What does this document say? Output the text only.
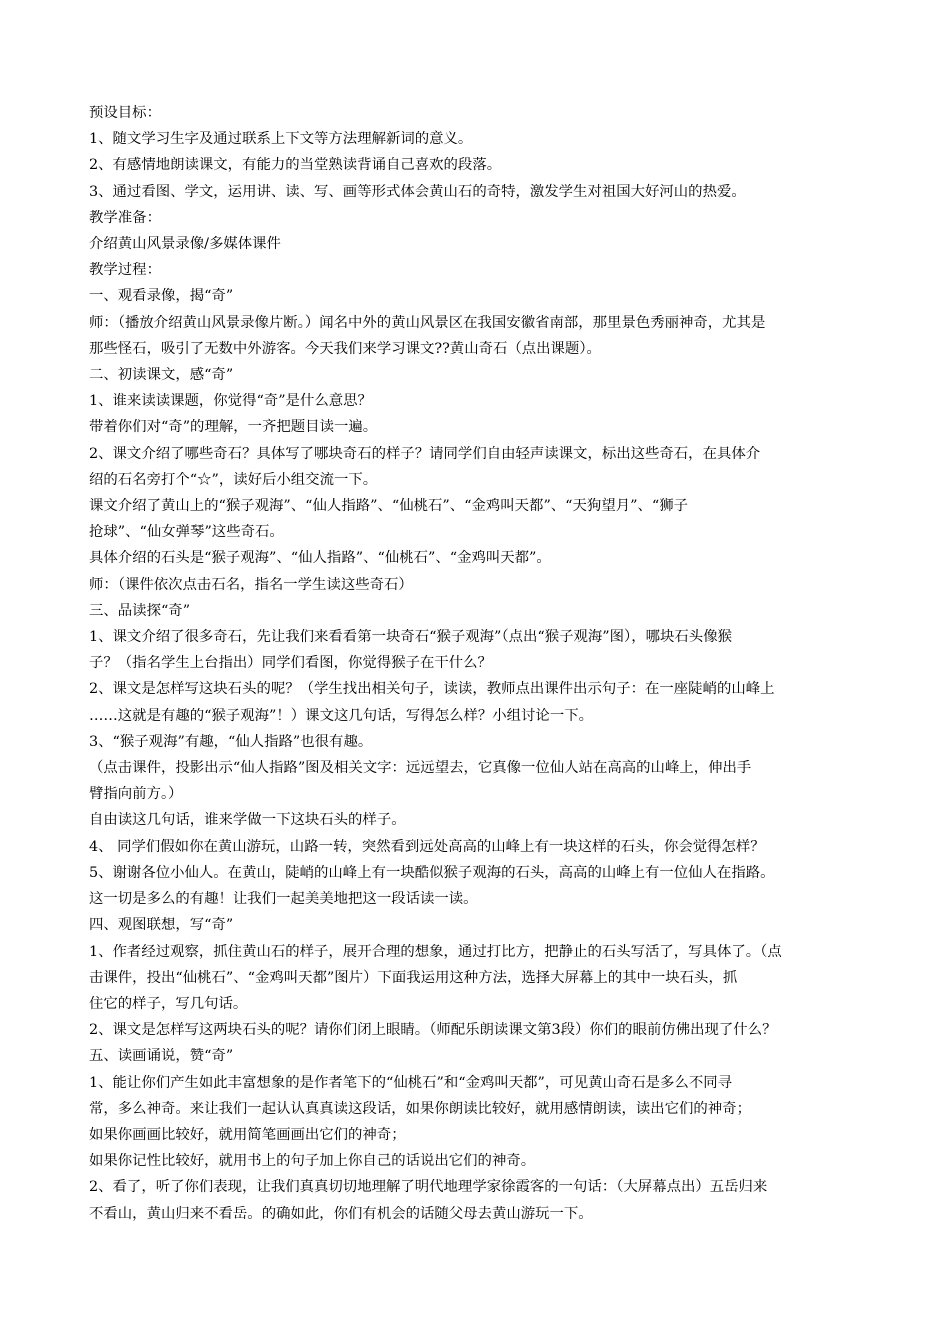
预设目标：
1、随文学习生字及通过联系上下文等方法理解新词的意义。
2、有感情地朗读课文，有能力的当堂熟读背诵自己喜欢的段落。
3、通过看图、学文，运用讲、读、写、画等形式体会黄山石的奇特，激发学生对祖国大好河山的热爱。
教学准备：
介绍黄山风景录像/多媒体课件
教学过程：
一、观看录像，揭“奇”
师：（播放介绍黄山风景录像片断。）闻名中外的黄山风景区在我国安徽省南部，那里景色秀丽神奇，尤其是
那些怪石，吸引了无数中外游客。今天我们来学习课文??黄山奇石（点出课题）。
二、初读课文，感“奇”
1、谁来读读课题，你觉得“奇”是什么意思？
带着你们对“奇”的理解，一齐把题目读一遍。
2、课文介绍了哪些奇石？具体写了哪块奇石的样子？请同学们自由轻声读课文，标出这些奇石，在具体介
绍的石名旁打个“☆”，读好后小组交流一下。
课文介绍了黄山上的“猴子观海”、“仙人指路”、“仙桃石”、“金鸡叫天都”、“天狗望月”、“狮子
抢球”、“仙女弹琴”这些奇石。
具体介绍的石头是“猴子观海”、“仙人指路”、“仙桃石”、“金鸡叫天都”。
师：（课件依次点击石名，指名一学生读这些奇石）
三、品读探“奇”
1、课文介绍了很多奇石，先让我们来看看第一块奇石“猴子观海”（点出“猴子观海”图），哪块石头像猴
子？（指名学生上台指出）同学们看图，你觉得猴子在干什么？
2、课文是怎样写这块石头的呢？（学生找出相关句子，读读，教师点出课件出示句子：在一座陡峭的山峰上
……这就是有趣的“猴子观海”！）课文这几句话，写得怎么样？小组讨论一下。
3、“猴子观海”有趣，“仙人指路”也很有趣。
（点击课件，投影出示“仙人指路”图及相关文字：远远望去，它真像一位仙人站在高高的山峰上，伸出手
臂指向前方。）
自由读这几句话，谁来学做一下这块石头的样子。
4、 同学们假如你在黄山游玩，山路一转，突然看到远处高高的山峰上有一块这样的石头，你会觉得怎样？
5、谢谢各位小仙人。在黄山，陡峭的山峰上有一块酷似猴子观海的石头，高高的山峰上有一位仙人在指路。
这一切是多么的有趣！让我们一起美美地把这一段话读一读。
四、观图联想，写“奇”
1、作者经过观察，抓住黄山石的样子，展开合理的想象，通过打比方，把静止的石头写活了，写具体了。（点
击课件，投出“仙桃石”、“金鸡叫天都”图片）下面我运用这种方法，选择大屏幕上的其中一块石头，抓
住它的样子，写几句话。
2、课文是怎样写这两块石头的呢？请你们闭上眼睛。（师配乐朗读课文第3段）你们的眼前仿佛出现了什么？
五、读画诵说，赞“奇”
1、能让你们产生如此丰富想象的是作者笔下的“仙桃石”和“金鸡叫天都”，可见黄山奇石是多么不同寻
常，多么神奇。来让我们一起认认真真读这段话，如果你朗读比较好，就用感情朗读，读出它们的神奇；
如果你画画比较好，就用简笔画画出它们的神奇；
如果你记性比较好，就用书上的句子加上你自己的话说出它们的神奇。
2、看了，听了你们表现，让我们真真切切地理解了明代地理学家徐霞客的一句话：（大屏幕点出）五岳归来
不看山，黄山归来不看岳。的确如此，你们有机会的话随父母去黄山游玩一下。
